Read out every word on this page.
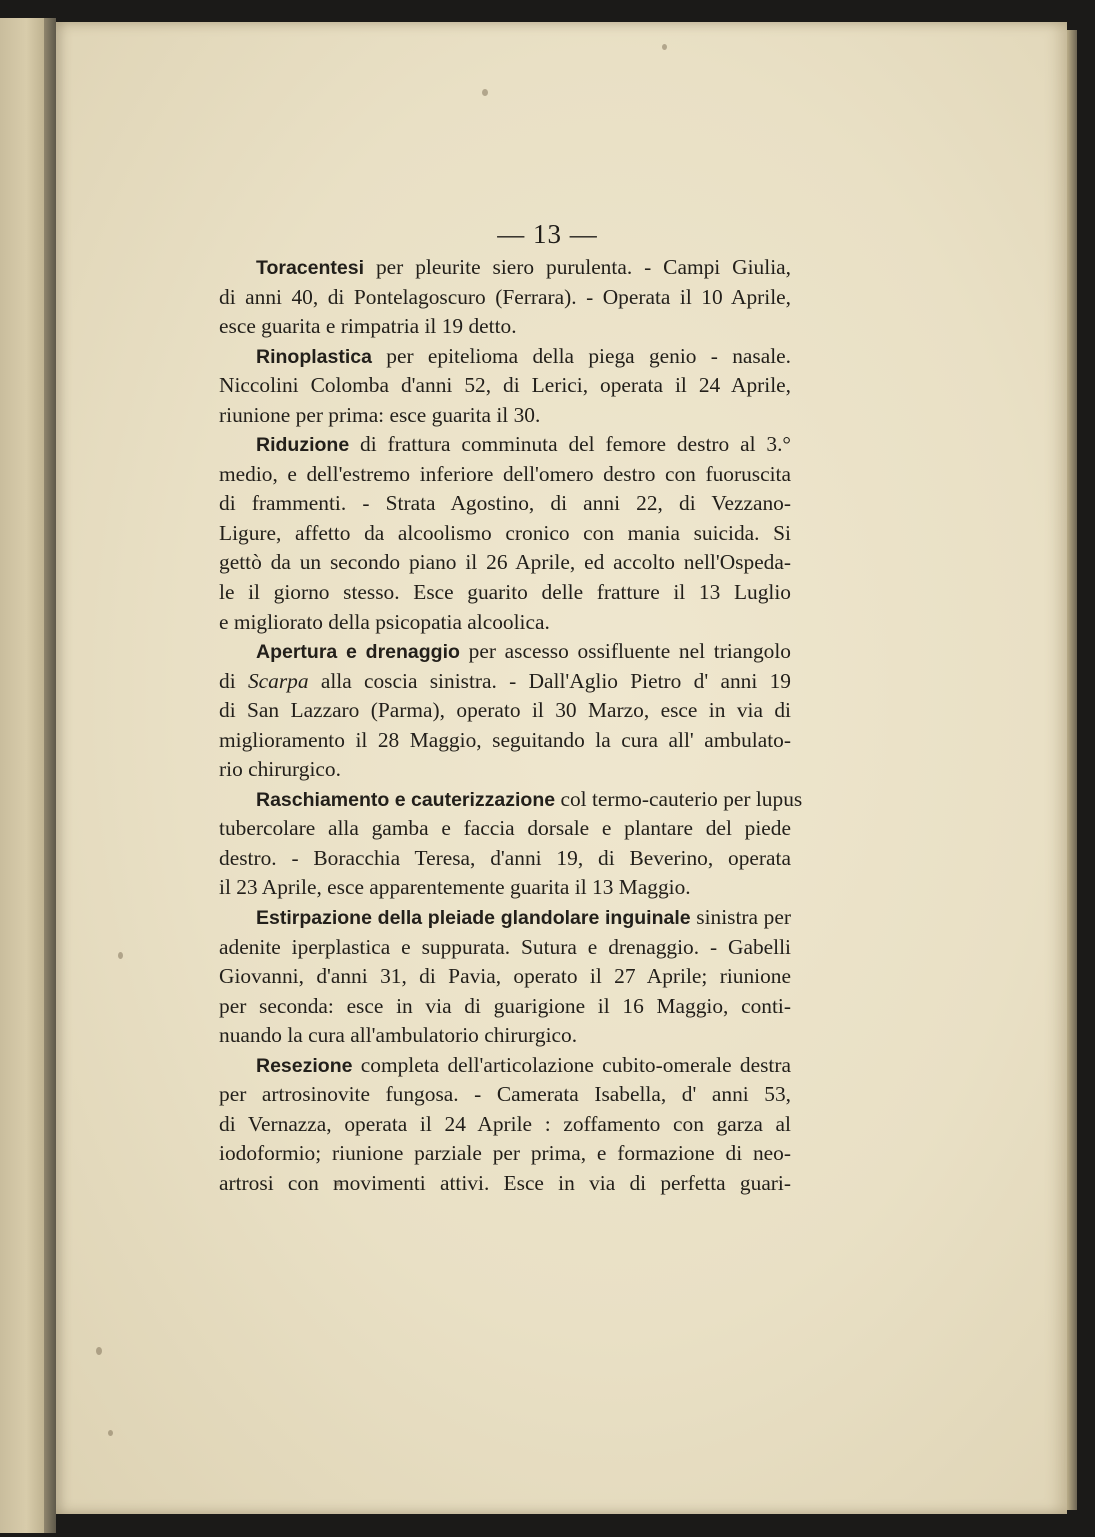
— 13 —
Toracentesi per pleurite siero purulenta. - Campi Giulia,
di anni 40, di Pontelagoscuro (Ferrara). - Operata il 10 Aprile,
esce guarita e rimpatria il 19 detto.
Rinoplastica per epitelioma della piega genio - nasale.
Niccolini Colomba d'anni 52, di Lerici, operata il 24 Aprile,
riunione per prima: esce guarita il 30.
Riduzione di frattura comminuta del femore destro al 3.°
medio, e dell'estremo inferiore dell'omero destro con fuoruscita
di frammenti. - Strata Agostino, di anni 22, di Vezzano-
Ligure, affetto da alcoolismo cronico con mania suicida. Si
gettò da un secondo piano il 26 Aprile, ed accolto nell'Ospeda-
le il giorno stesso. Esce guarito delle fratture il 13 Luglio
e migliorato della psicopatia alcoolica.
Apertura e drenaggio per ascesso ossifluente nel triangolo
di Scarpa alla coscia sinistra. - Dall'Aglio Pietro d' anni 19
di San Lazzaro (Parma), operato il 30 Marzo, esce in via di
miglioramento il 28 Maggio, seguitando la cura all' ambulato-
rio chirurgico.
Raschiamento e cauterizzazione col termo-cauterio per lupus
tubercolare alla gamba e faccia dorsale e plantare del piede
destro. - Boracchia Teresa, d'anni 19, di Beverino, operata
il 23 Aprile, esce apparentemente guarita il 13 Maggio.
Estirpazione della pleiade glandolare inguinale sinistra per
adenite iperplastica e suppurata. Sutura e drenaggio. - Gabelli
Giovanni, d'anni 31, di Pavia, operato il 27 Aprile; riunione
per seconda: esce in via di guarigione il 16 Maggio, conti-
nuando la cura all'ambulatorio chirurgico.
Resezione completa dell'articolazione cubito-omerale destra
per artrosinovite fungosa. - Camerata Isabella, d' anni 53,
di Vernazza, operata il 24 Aprile : zoffamento con garza al
iodoformio; riunione parziale per prima, e formazione di neo-
artrosi con movimenti attivi. Esce in via di perfetta guari-
